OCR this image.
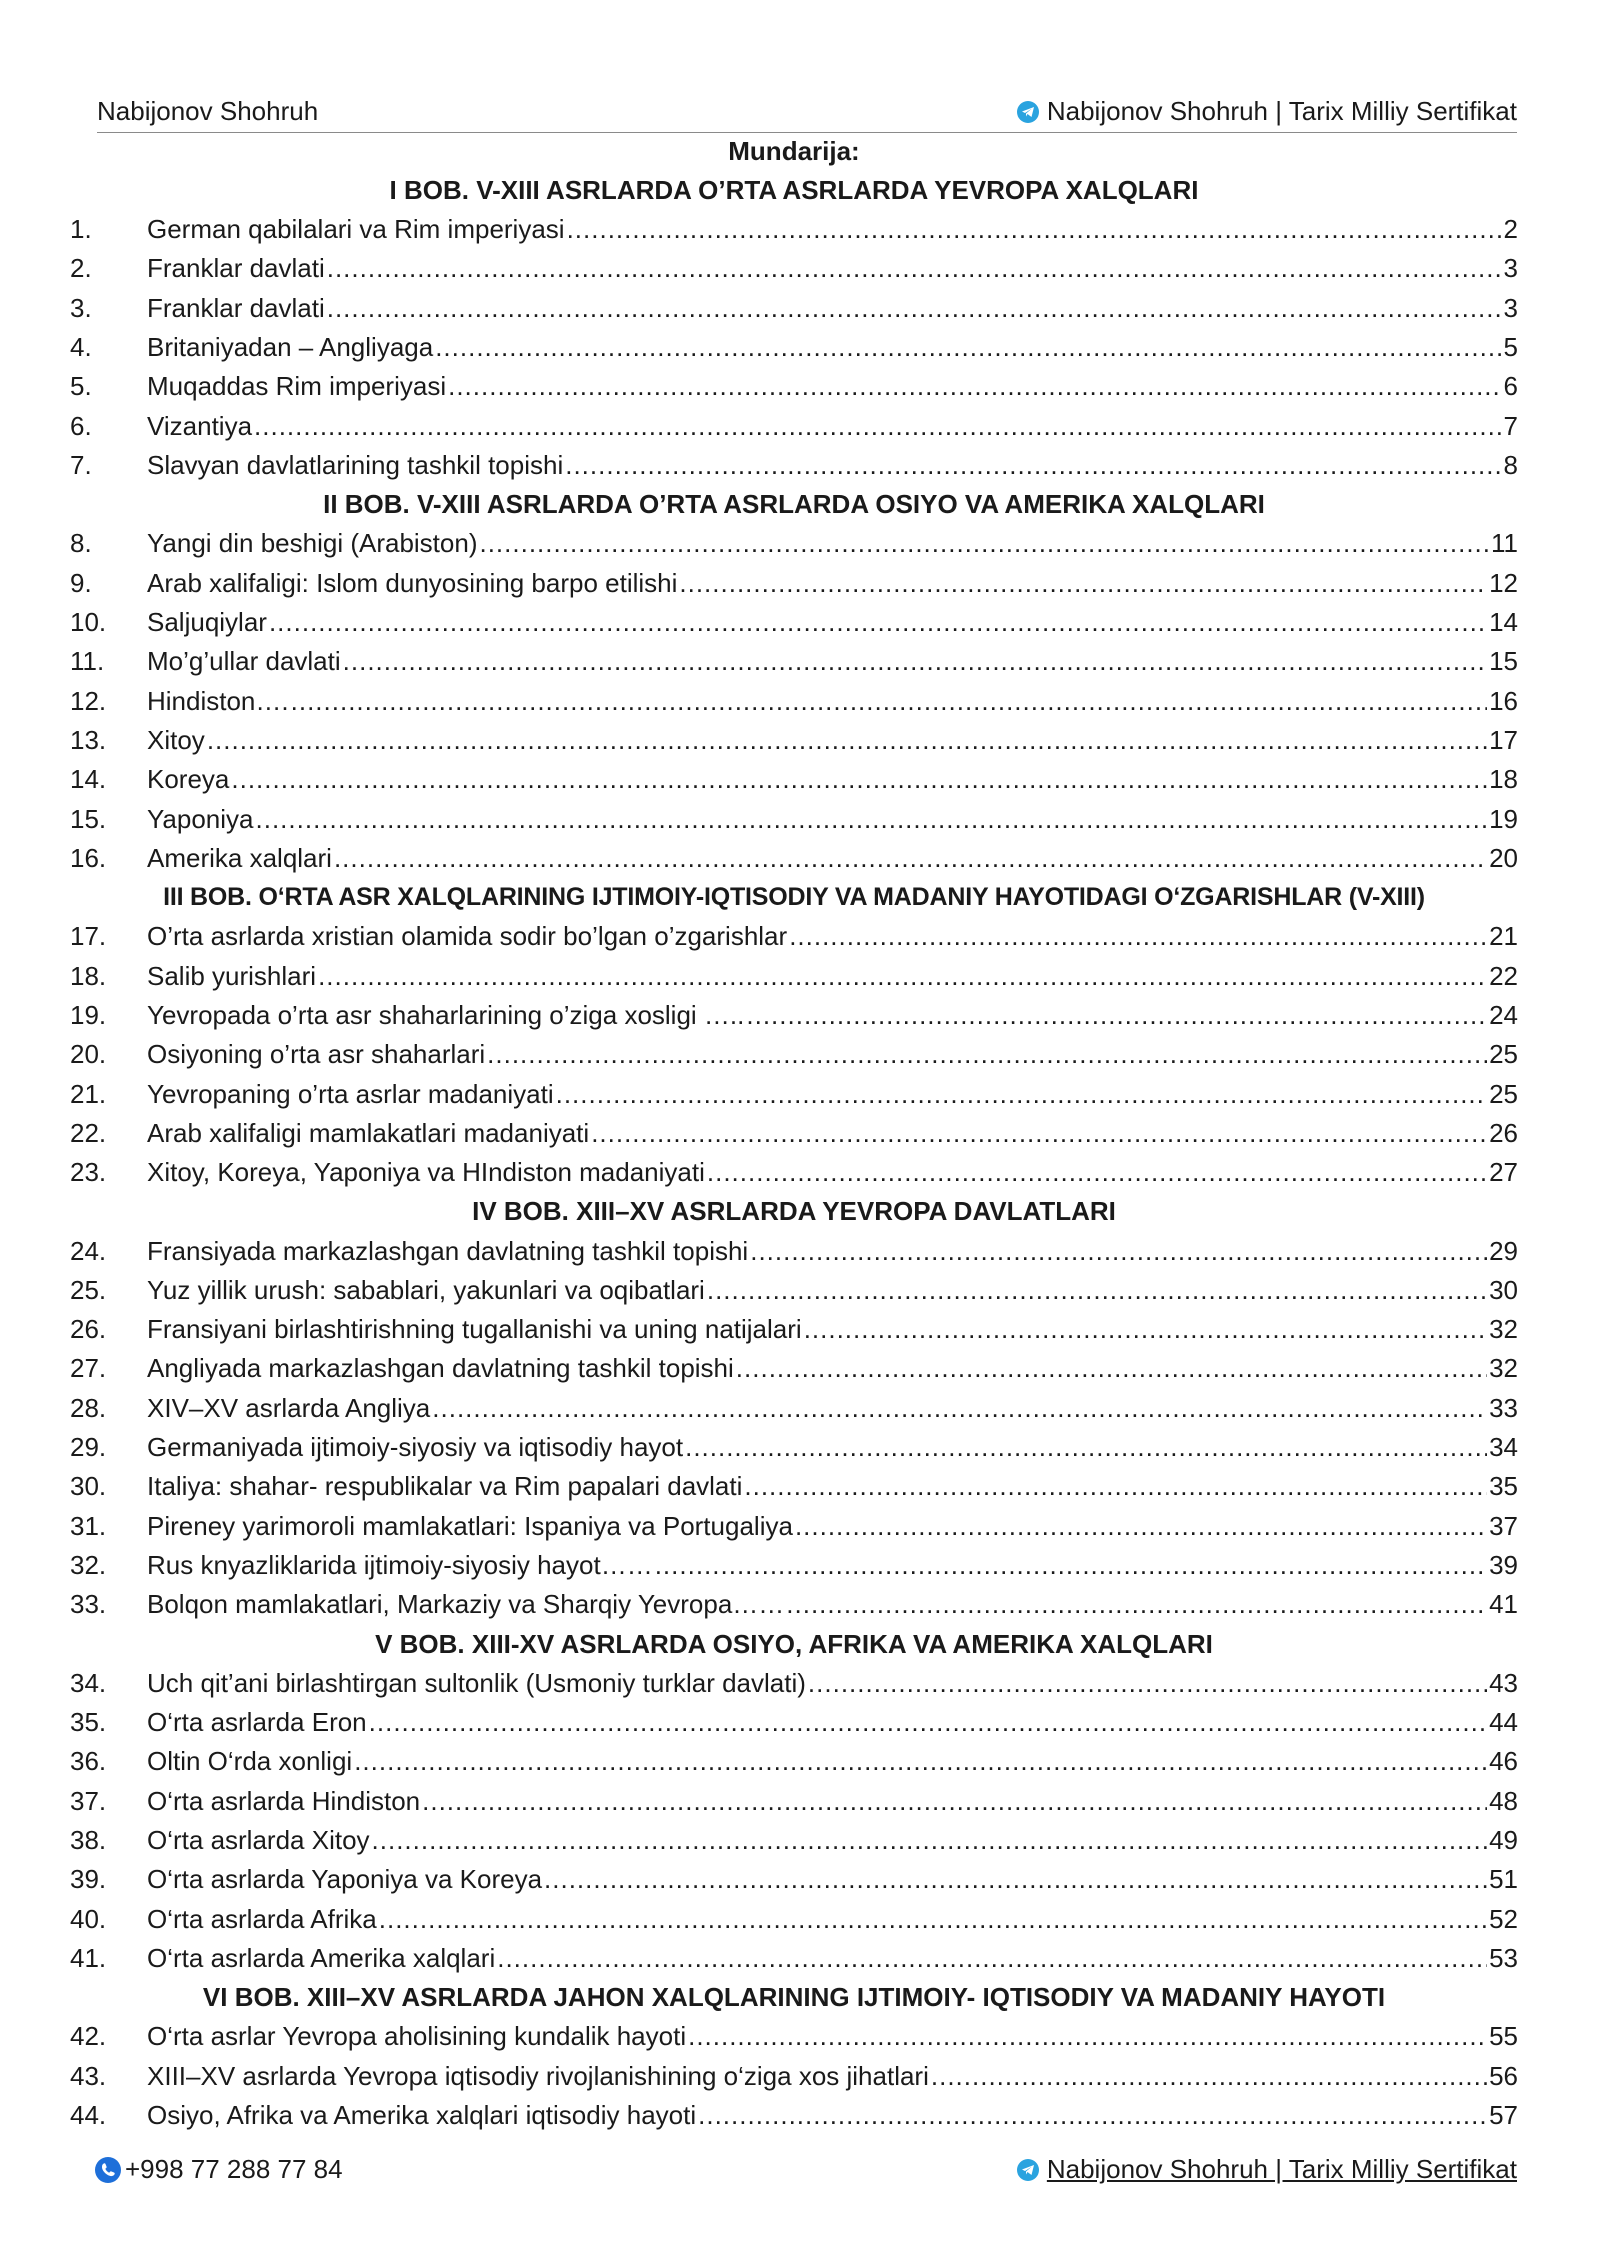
Nabijonov Shohruh	Nabijonov Shohruh | Tarix Milliy Sertifikat
Mundarija:
I BOB. V-XIII ASRLARDA O’RTA ASRLARDA YEVROPA XALQLARI
1.	German qabilalari va Rim imperiyasi .....	2
2.	Franklar davlati .....	3
3.	Franklar davlati .....	3
4.	Britaniyadan – Angliyaga .....	5
5.	Muqaddas Rim imperiyasi .....	6
6.	Vizantiya .....	7
7.	Slavyan davlatlarining tashkil topishi .....	8
II BOB. V-XIII ASRLARDA O’RTA ASRLARDA OSIYO VA AMERIKA XALQLARI
8.	Yangi din beshigi (Arabiston) .....	11
9.	Arab xalifaligi: Islom dunyosining barpo etilishi .....	12
10.	Saljuqiylar .....	14
11.	Mo’g’ullar davlati .....	15
12.	Hindiston…. .....	16
13.	Xitoy .....	17
14.	Koreya .....	18
15.	Yaponiya .....	19
16.	Amerika xalqlari .....	20
III BOB. O‘RTA ASR XALQLARINING IJTIMOIY-IQTISODIY VA MADANIY HAYOTIDAGI O‘ZGARISHLAR (V-XIII)
17.	O’rta asrlarda xristian olamida sodir bo’lgan o’zgarishlar .....	21
18.	Salib yurishlari .....	22
19.	Yevropada o’rta asr shaharlarining o’ziga xosligi ….. .....	24
20.	Osiyoning o’rta asr shaharlari .....	25
21.	Yevropaning o’rta asrlar madaniyati .....	25
22.	Arab xalifaligi mamlakatlari madaniyati .....	26
23.	Xitoy, Koreya, Yaponiya va HIndiston madaniyati .....	27
IV BOB. XIII–XV ASRLARDA YEVROPA DAVLATLARI
24.	Fransiyada markazlashgan davlatning tashkil topishi .....	29
25.	Yuz yillik urush: sabablari, yakunlari va oqibatlari .....	30
26.	Fransiyani birlashtirishning tugallanishi va uning natijalari .....	32
27.	Angliyada markazlashgan davlatning tashkil topishi .....	32
28.	XIV–XV asrlarda Angliya .....	33
29.	Germaniyada ijtimoiy-siyosiy va iqtisodiy hayot .....	34
30.	Italiya: shahar- respublikalar va Rim papalari davlati .....	35
31.	Pireney yarimoroli mamlakatlari: Ispaniya va Portugaliya .....	37
32.	Rus knyazliklarida ijtimoiy-siyosiy hayot…… .....	39
33.	Bolqon mamlakatlari, Markaziy va Sharqiy Yevropa…… .....	41
V BOB. XIII-XV ASRLARDA OSIYO, AFRIKA VA AMERIKA XALQLARI
34.	Uch qit’ani birlashtirgan sultonlik (Usmoniy turklar davlati) .....	43
35.	O‘rta asrlarda Eron .....	44
36.	Oltin O‘rda xonligi .....	46
37.	O‘rta asrlarda Hindiston .....	48
38.	O‘rta asrlarda Xitoy .....	49
39.	O‘rta asrlarda Yaponiya va Koreya .....	51
40.	O‘rta asrlarda Afrika .....	52
41.	O‘rta asrlarda Amerika xalqlari .....	53
VI BOB. XIII–XV ASRLARDA JAHON XALQLARINING IJTIMOIY- IQTISODIY VA MADANIY HAYOTI
42.	O‘rta asrlar Yevropa aholisining kundalik hayoti .....	55
43.	XIII–XV asrlarda Yevropa iqtisodiy rivojlanishining o‘ziga xos jihatlari .....	56
44.	Osiyo, Afrika va Amerika xalqlari iqtisodiy hayoti .....	57
+998 77 288 77 84	Nabijonov Shohruh | Tarix Milliy Sertifikat
